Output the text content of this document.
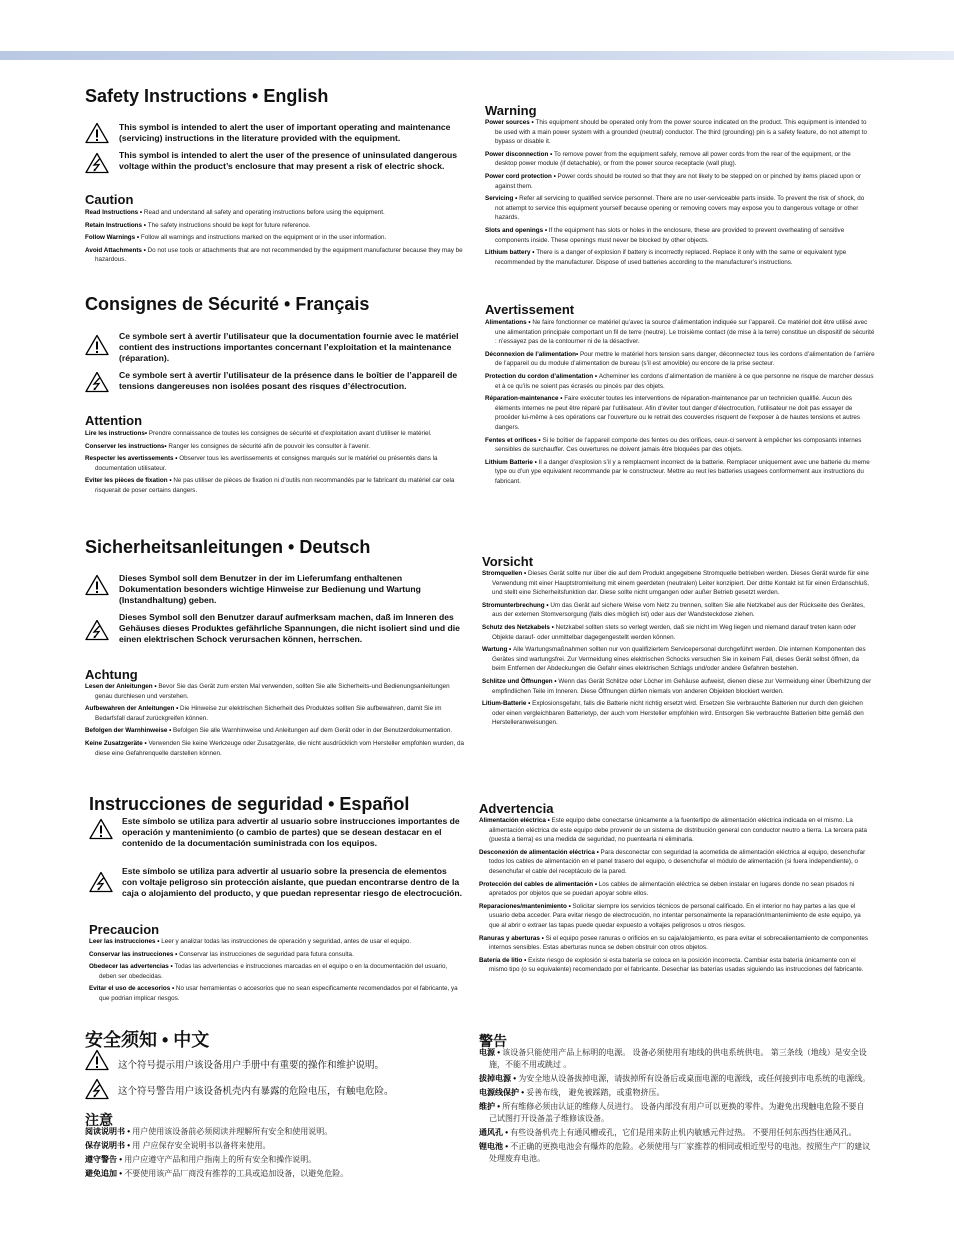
Safety Instructions • English
This symbol is intended to alert the user of important operating and maintenance (servicing) instructions in the literature provided with the equipment.
This symbol is intended to alert the user of the presence of uninsulated dangerous voltage within the product’s enclosure that may present a risk of electric shock.
Caution
Read Instructions • Read and understand all safety and operating instructions before using the equipment.
Retain Instructions • The safety instructions should be kept for future reference.
Follow Warnings • Follow all warnings and instructions marked on the equipment or in the user information.
Avoid Attachments • Do not use tools or attachments that are not recommended by the equipment manufacturer because they may be hazardous.
Warning
Power sources • This equipment should be operated only from the power source indicated on the product. This equipment is intended to be used with a main power system with a grounded (neutral) conductor. The third (grounding) pin is a safety feature, do not attempt to bypass or disable it.
Power disconnection • To remove power from the equipment safely, remove all power cords from the rear of the equipment, or the desktop power module (if detachable), or from the power source receptacle (wall plug).
Power cord protection • Power cords should be routed so that they are not likely to be stepped on or pinched by items placed upon or against them.
Servicing • Refer all servicing to qualified service personnel. There are no user-serviceable parts inside. To prevent the risk of shock, do not attempt to service this equipment yourself because opening or removing covers may expose you to dangerous voltage or other hazards.
Slots and openings • If the equipment has slots or holes in the enclosure, these are provided to prevent overheating of sensitive components inside. These openings must never be blocked by other objects.
Lithium battery • There is a danger of explosion if battery is incorrectly replaced. Replace it only with the same or equivalent type recommended by the manufacturer. Dispose of used batteries according to the manufacturer’s instructions.
Consignes de Sécurité • Français
Ce symbole sert à avertir l’utilisateur que la documentation fournie avec le matériel contient des instructions importantes concernant l’exploitation et la maintenance (réparation).
Ce symbole sert à avertir l’utilisateur de la présence dans le boîtier de l’appareil de tensions dangereuses non isolées posant des risques d’électrocution.
Attention
Lire les instructions• Prendre connaissance de toutes les consignes de sécurité et d’exploitation avant d’utiliser le matériel.
Conserver les instructions• Ranger les consignes de sécurité afin de pouvoir les consulter à l’avenir.
Respecter les avertissements • Observer tous les avertissements et consignes marqués sur le matériel ou présentés dans la documentation utilisateur.
Eviter les pièces de fixation • Ne pas utiliser de pièces de fixation ni d’outils non recommandés par le fabricant du matériel car cela risquerait de poser certains dangers.
Avertissement
Alimentations • Ne faire fonctionner ce matériel qu’avec la source d’alimentation indiquée sur l’appareil. Ce matériel doit être utilisé avec une alimentation principale comportant un fil de terre (neutre). Le troisième contact (de mise à la terre) constitue un dispositif de sécurité : n’essayez pas de la contourner ni de la désactiver.
Déconnexion de l’alimentation• Pour mettre le matériel hors tension sans danger, déconnectez tous les cordons d’alimentation de l’arrière de l’appareil ou du module d’alimentation de bureau (s’il est amovible) ou encore de la prise secteur.
Protection du cordon d’alimentation • Acheminer les cordons d’alimentation de manière à ce que personne ne risque de marcher dessus et à ce qu’ils ne soient pas écrasés ou pincés par des objets.
Réparation-maintenance • Faire exécuter toutes les interventions de réparation-maintenance par un technicien qualifié. Aucun des éléments internes ne peut être réparé par l’utilisateur. Afin d’éviter tout danger d’électrocution, l’utilisateur ne doit pas essayer de procéder lui-même à ces opérations car l’ouverture ou le retrait des couvercles risquent de l’exposer à de hautes tensions et autres dangers.
Fentes et orifices • Si le boîtier de l’appareil comporte des fentes ou des orifices, ceux-ci servent à empêcher les composants internes sensibles de surchauffer. Ces ouvertures ne doivent jamais être bloquées par des objets.
Lithium Batterie • Il a danger d’explosion s’il y a remplacment incorrect de la batterie. Remplacer uniquement avec une batterie du meme type ou d’un ype equivalent recommande par le constructeur. Mettre au reut les batteries usagees conformement aux instructions du fabricant.
Sicherheitsanleitungen • Deutsch
Dieses Symbol soll dem Benutzer in der im Lieferumfang enthaltenen Dokumentation besonders wichtige Hinweise zur Bedienung und Wartung (Instandhaltung) geben.
Dieses Symbol soll den Benutzer darauf aufmerksam machen, daß im Inneren des Gehäuses dieses Produktes gefährliche Spannungen, die nicht isoliert sind und die einen elektrischen Schock verursachen können, herrschen.
Achtung
Lesen der Anleitungen • Bevor Sie das Gerät zum ersten Mal verwenden, sollten Sie alle Sicherheits-und Bedienungsanleitungen genau durchlesen und verstehen.
Aufbewahren der Anleitungen • Die Hinweise zur elektrischen Sicherheit des Produktes sollten Sie aufbewahren, damit Sie im Bedarfsfall darauf zurückgreifen können.
Befolgen der Warnhinweise • Befolgen Sie alle Warnhinweise und Anleitungen auf dem Gerät oder in der Benutzerdokumentation.
Keine Zusatzgeräte • Verwenden Sie keine Werkzeuge oder Zusatzgeräte, die nicht ausdrücklich vom Hersteller empfohlen wurden, da diese eine Gefahrenquelle darstellen können.
Vorsicht
Stromquellen • Dieses Gerät sollte nur über die auf dem Produkt angegebene Stromquelle betrieben werden. Dieses Gerät wurde für eine Verwendung mit einer Hauptstromleitung mit einem geerdeten (neutralen) Leiter konzipiert. Der dritte Kontakt ist für einen Erdanschluß, und stellt eine Sicherheitsfunktion dar. Diese sollte nicht umgangen oder außer Betrieb gesetzt werden.
Stromunterbrechung • Um das Gerät auf sichere Weise vom Netz zu trennen, sollten Sie alle Netzkabel aus der Rückseite des Gerätes, aus der externen Stomversorgung (falls dies möglich ist) oder aus der Wandsteckdose ziehen.
Schutz des Netzkabels • Netzkabel sollten stets so verlegt werden, daß sie nicht im Weg liegen und niemand darauf treten kann oder Objekte darauf- oder unmittelbar dagegengestellt werden können.
Wartung • Alle Wartungsmaßnahmen sollten nur von qualifiziertem Servicepersonal durchgeführt werden. Die internen Komponenten des Gerätes sind wartungsfrei. Zur Vermeidung eines elektrischen Schocks versuchen Sie in keinem Fall, dieses Gerät selbst öffnen, da beim Entfernen der Abdeckungen die Gefahr eines elektrischen Schlags und/oder andere Gefahren bestehen.
Schlitze und Öffnungen • Wenn das Gerät Schlitze oder Löcher im Gehäuse aufweist, dienen diese zur Vermeidung einer Überhitzung der empfindlichen Teile im Inneren. Diese Öffnungen dürfen niemals von anderen Objekten blockiert werden.
Litium-Batterie • Explosionsgefahr, falls die Batterie nicht richtig ersetzt wird. Ersetzen Sie verbrauchte Batterien nur durch den gleichen oder einen vergleichbaren Batterietyp, der auch vom Hersteller empfohlen wird. Entsorgen Sie verbrauchte Batterien bitte gemäß den Herstelleranweisungen.
Instrucciones de seguridad • Español
Este símbolo se utiliza para advertir al usuario sobre instrucciones importantes de operación y mantenimiento (o cambio de partes) que se desean destacar en el contenido de la documentación suministrada con los equipos.
Este símbolo se utiliza para advertir al usuario sobre la presencia de elementos con voltaje peligroso sin protección aislante, que puedan encontrarse dentro de la caja o alojamiento del producto, y que puedan representar riesgo de electrocución.
Precaucion
Leer las instrucciones • Leer y analizar todas las instrucciones de operación y seguridad, antes de usar el equipo.
Conservar las instrucciones • Conservar las instrucciones de seguridad para futura consulta.
Obedecer las advertencias • Todas las advertencias e instrucciones marcadas en el equipo o en la documentación del usuario, deben ser obedecidas.
Evitar el uso de accesorios • No usar herramientas o accesorios que no sean especificamente recomendados por el fabricante, ya que podrian implicar riesgos.
Advertencia
Alimentación eléctrica • Este equipo debe conectarse únicamente a la fuente/tipo de alimentación eléctrica indicada en el mismo. La alimentación eléctrica de este equipo debe provenir de un sistema de distribución general con conductor neutro a tierra. La tercera pata (puesta a tierra) es una medida de seguridad, no puentearla ni eliminarla.
Desconexión de alimentación eléctrica • Para desconectar con seguridad la acometida de alimentación eléctrica al equipo, desenchufar todos los cables de alimentación en el panel trasero del equipo, o desenchufar el módulo de alimentación (si fuera independiente), o desenchufar el cable del receptáculo de la pared.
Protección del cables de alimentación • Los cables de alimentación eléctrica se deben instalar en lugares donde no sean pisados ni apretados por objetos que se puedan apoyar sobre ellos.
Reparaciones/mantenimiento • Solicitar siempre los servicios técnicos de personal calificado. En el interior no hay partes a las que el usuario deba acceder. Para evitar riesgo de electrocución, no intentar personalmente la reparación/mantenimiento de este equipo, ya que al abrir o extraer las tapas puede quedar expuesto a voltajes peligrosos u otros riesgos.
Ranuras y aberturas • Si el equipo posee ranuras o orificios en su caja/alojamiento, es para evitar el sobrecalientamiento de componentes internos sensibles. Estas aberturas nunca se deben obstruir con otros objetos.
Batería de litio • Existe riesgo de explosión si esta batería se coloca en la posición incorrecta. Cambiar esta batería únicamente con el mismo tipo (o su equivalente) recomendado por el fabricante. Desechar las baterías usadas siguiendo las instrucciones del fabricante.
安全须知 • 中文
这个符号提示用户该设备用户手册中有重要的操作和维护说明。
这个符号警告用户该设备机壳内有暴露的危险电压，有触电危险。
注意
阅读说明书 • 用户使用该设备前必须阅读并理解所有安全和使用说明。
保存说明书 • 用 户应保存安全说明书以备将来使用。
遵守警告 • 用户应遵守产品和用户指南上的所有安全和操作说明。
避免追加 • 不要使用该产品厂商没有推荐的工具或追加设备，以避免危险。
警告
电源 • 该设备只能使用产品上标明的电源。 设备必须使用有地线的供电系统供电。 第三条线（地线）是安全设施，不能不用或跳过 。
拔掉电源 • 为安全地从设备拔掉电源，请拔掉所有设备后或桌面电源的电源线，或任何接到市电系统的电源线。
电源线保护 • 妥善布线， 避免被踩踏，或重物挤压。
维护 • 所有维修必须由认证的维修人员进行。 设备内部没有用户可以更换的零件。为避免出现触电危险不要自己试图打开设备盖子维修该设备。
通风孔 • 有些设备机壳上有通风槽或孔，它们是用来防止机内敏感元件过热。 不要用任何东西挡住通风孔。
锂电池 • 不正确的更换电池会有爆炸的危险。必须使用与厂家推荐的相同或相近型号的电池。按照生产厂的建议处理废弃电池。
